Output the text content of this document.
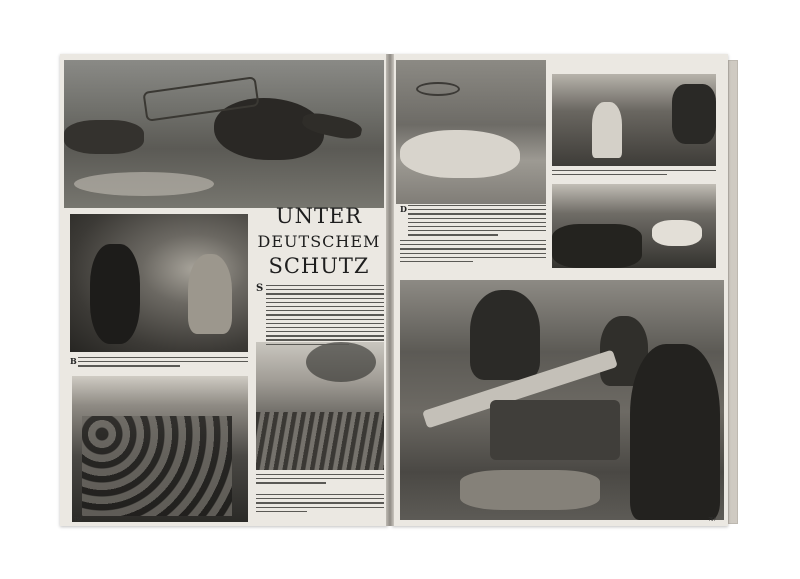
UNTER
DEUTSCHEM
SCHUTZ
S
B
756
D
757
